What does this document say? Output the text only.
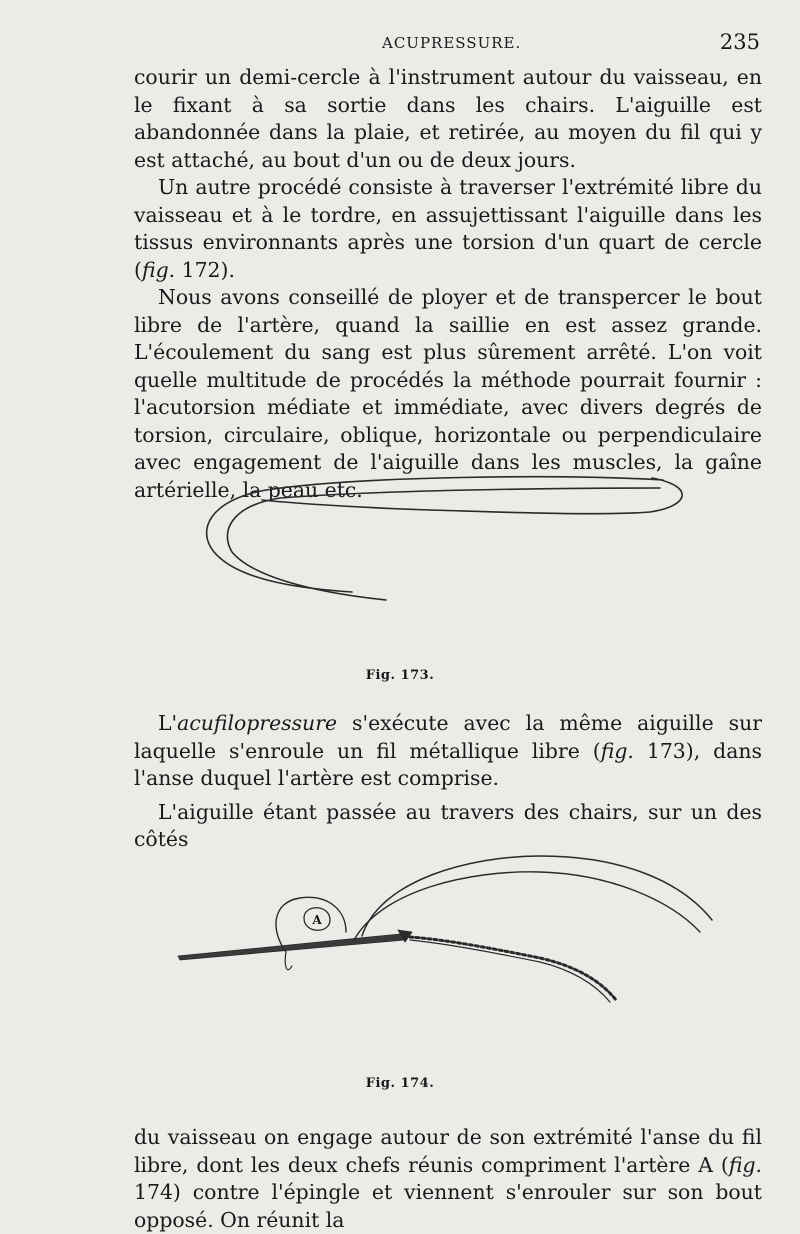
ACUPRESSURE.	235

courir un demi-cercle à l'instrument autour du vaisseau, en le fixant à sa sortie dans les chairs. L'aiguille est abandonnée dans la plaie, et retirée, au moyen du fil qui y est attaché, au bout d'un ou de deux jours.

Un autre procédé consiste à traverser l'extrémité libre du vaisseau et à le tordre, en assujettissant l'aiguille dans les tissus environnants après une torsion d'un quart de cercle (fig. 172).

Nous avons conseillé de ployer et de transpercer le bout libre de l'artère, quand la saillie en est assez grande. L'écoulement du sang est plus sûrement arrêté. L'on voit quelle multitude de procédés la méthode pourrait fournir : l'acutorsion médiate et immédiate, avec divers degrés de torsion, circulaire, oblique, horizontale ou perpendiculaire avec engagement de l'aiguille dans les muscles, la gaîne artérielle, la peau etc.

Fig. 173.

L'acufilopressure s'exécute avec la même aiguille sur laquelle s'enroule un fil métallique libre (fig. 173), dans l'anse duquel l'artère est comprise.

L'aiguille étant passée au travers des chairs, sur un des côtés

A
Fig. 174.

du vaisseau on engage autour de son extrémité l'anse du fil libre, dont les deux chefs réunis compriment l'artère A (fig. 174) contre l'épingle et viennent s'enrouler sur son bout opposé. On réunit la
